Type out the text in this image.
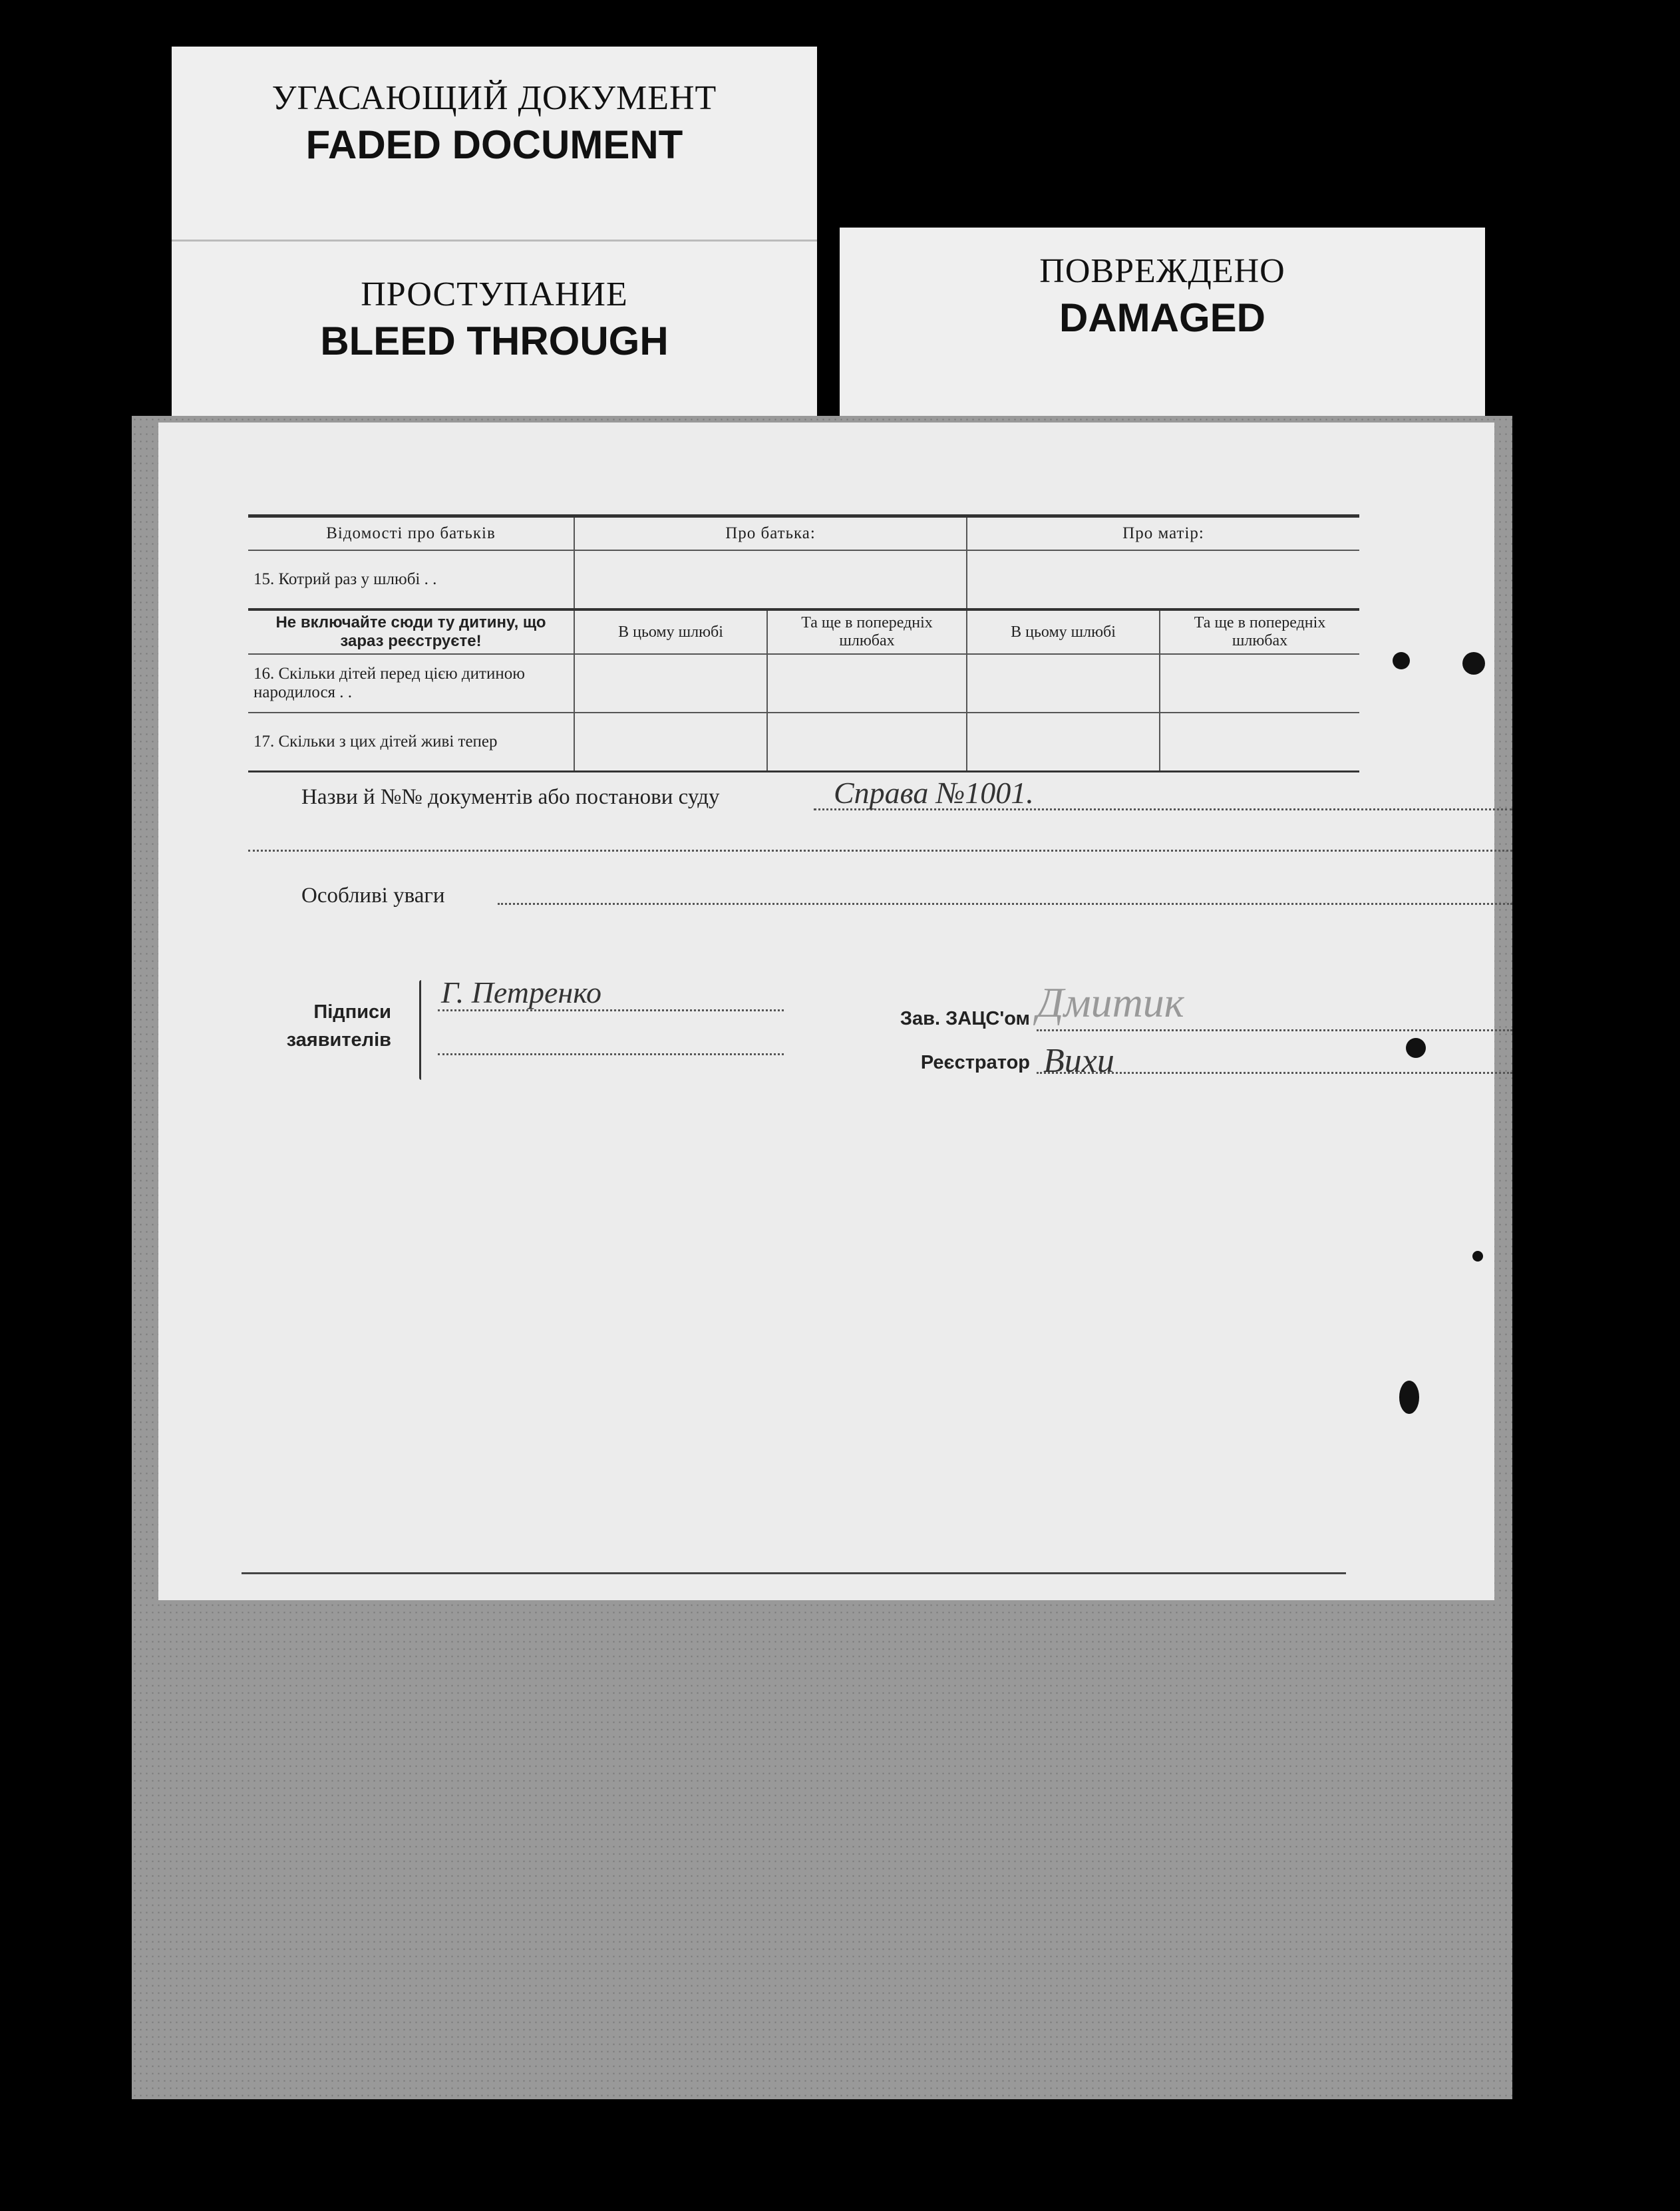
УГАСАЮЩИЙ ДОКУМЕНТ
FADED DOCUMENT
ПРОСТУПАНИЕ
BLEED THROUGH
ПОВРЕЖДЕНО
DAMAGED
Відомості про батьків	Про батька:		Про матір:	
15. Котрий раз у шлюбі . .				
Не включайте сюди ту дитину, що зараз реєструєте!	В цьому шлюбі	Та ще в попередніх шлюбах	В цьому шлюбі	Та ще в попередніх шлюбах
16. Скільки дітей перед цією дитиною народилося . .				
17. Скільки з цих дітей живі тепер				
Назви й №№ документів або постанови суду	Справа №1001.
Особливі уваги
Підписи
заявителів
Г. Петренко
Зав. ЗАЦС'ом Дмитик
Реєстратор Вихи
